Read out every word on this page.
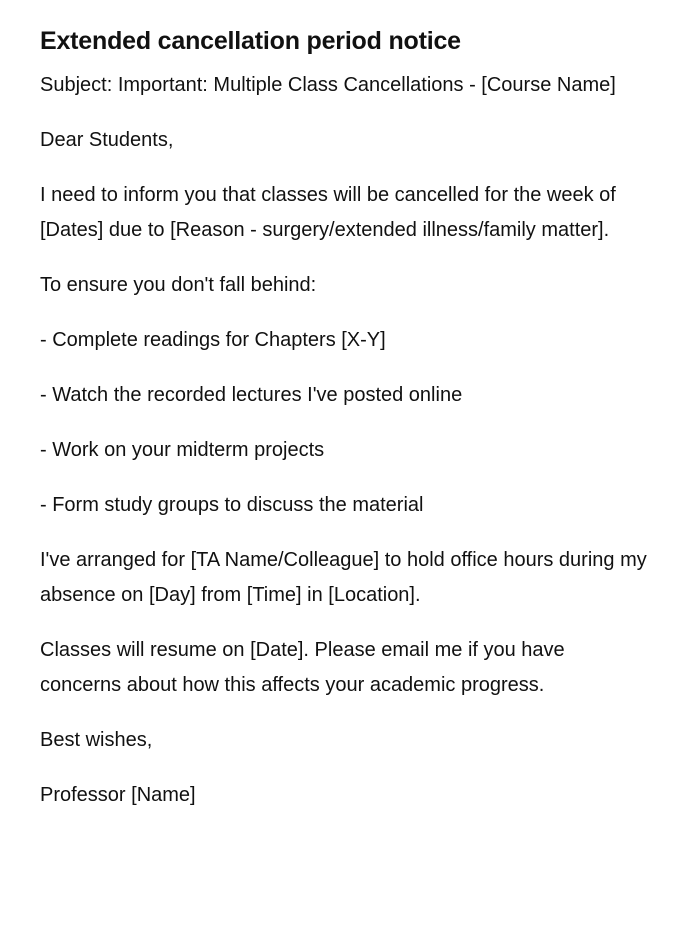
Extended cancellation period notice

Subject: Important: Multiple Class Cancellations - [Course Name]

Dear Students,

I need to inform you that classes will be cancelled for the week of [Dates] due to [Reason - surgery/extended illness/family matter].

To ensure you don't fall behind:

- Complete readings for Chapters [X-Y]

- Watch the recorded lectures I've posted online

- Work on your midterm projects

- Form study groups to discuss the material

I've arranged for [TA Name/Colleague] to hold office hours during my absence on [Day] from [Time] in [Location].

Classes will resume on [Date]. Please email me if you have concerns about how this affects your academic progress.

Best wishes,

Professor [Name]
